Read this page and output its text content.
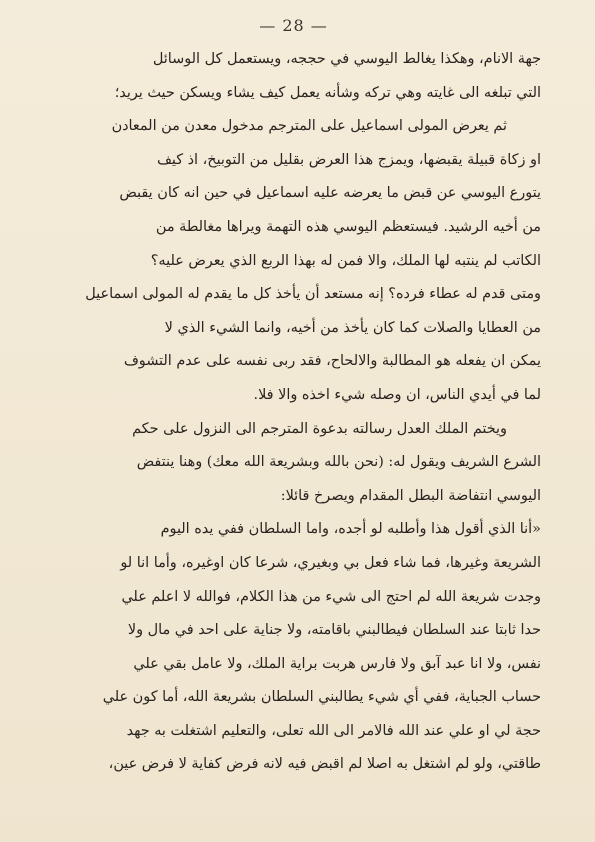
— 28 —
جهة الانام، وهكذا يغالط اليوسي في حججه، ويستعمل كل الوسائل
التي تبلغه الى غايته وهي تركه وشأنه يعمل كيف يشاء ويسكن حيث يريد؛
ثم يعرض المولى اسماعيل على المترجم مدخول معدن من المعادن
او زكاة قبيلة يقبضها، ويمزج هذا العرض بقليل من التوبيخ، اذ كيف
يتورع اليوسي عن قبض ما يعرضه عليه اسماعيل في حين انه كان يقبض
من أخيه الرشيد. فيستعظم اليوسي هذه التهمة ويراها مغالطة من
الكاتب لم ينتبه لها الملك، والا فمن له بهذا الربع الذي يعرض عليه؟
ومتى قدم له عطاء فرده؟ إنه مستعد أن يأخذ كل ما يقدم له المولى اسماعيل
من العطايا والصلات كما كان يأخذ من أخيه، وانما الشيء الذي لا
يمكن ان يفعله هو المطالبة والالحاح، فقد ربى نفسه على عدم التشوف
لما في أيدي الناس، ان وصله شيء اخذه والا فلا.
ويختم الملك العدل رسالته بدعوة المترجم الى النزول على حكم
الشرع الشريف ويقول له: (نحن بالله وبشريعة الله معك) وهنا ينتفض
اليوسي انتفاضة البطل المقدام ويصرخ قائلا:
«أنا الذي أقول هذا وأطلبه لو أجده، واما السلطان ففي يده اليوم
الشريعة وغيرها، فما شاء فعل بي وبغيري، شرعا كان اوغيره، وأما انا لو
وجدت شريعة الله لم احتج الى شيء من هذا الكلام، فوالله لا اعلم علي
حدا ثابتا عند السلطان فيطالبني باقامته، ولا جناية على احد في مال ولا
نفس، ولا انا عبد آبق ولا فارس هربت براية الملك، ولا عامل بقي علي
حساب الجباية، ففي أي شيء يطالبني السلطان بشريعة الله، أما كون علي
حجة لي او علي عند الله فالامر الى الله تعلى، والتعليم اشتغلت به جهد
طاقتي، ولو لم اشتغل به اصلا لم اقبض فيه لانه فرض كفاية لا فرض عين،
